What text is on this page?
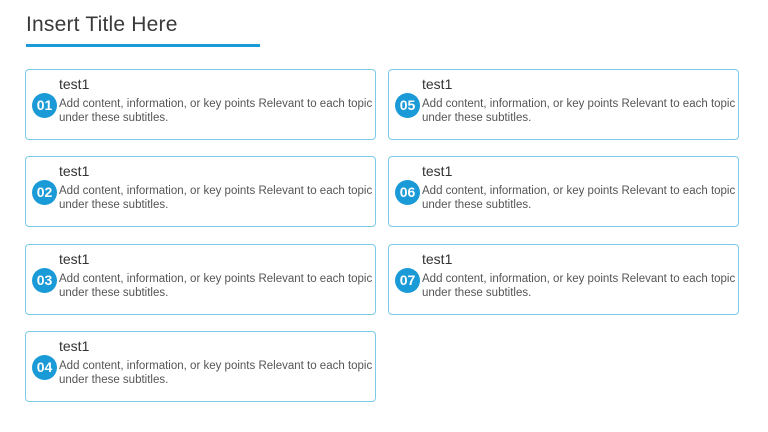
Insert Title Here
01
test1
Add content, information, or key points Relevant to each topic under these subtitles.
02
test1
Add content, information, or key points Relevant to each topic under these subtitles.
03
test1
Add content, information, or key points Relevant to each topic under these subtitles.
04
test1
Add content, information, or key points Relevant to each topic under these subtitles.
05
test1
Add content, information, or key points Relevant to each topic under these subtitles.
06
test1
Add content, information, or key points Relevant to each topic under these subtitles.
07
test1
Add content, information, or key points Relevant to each topic under these subtitles.
